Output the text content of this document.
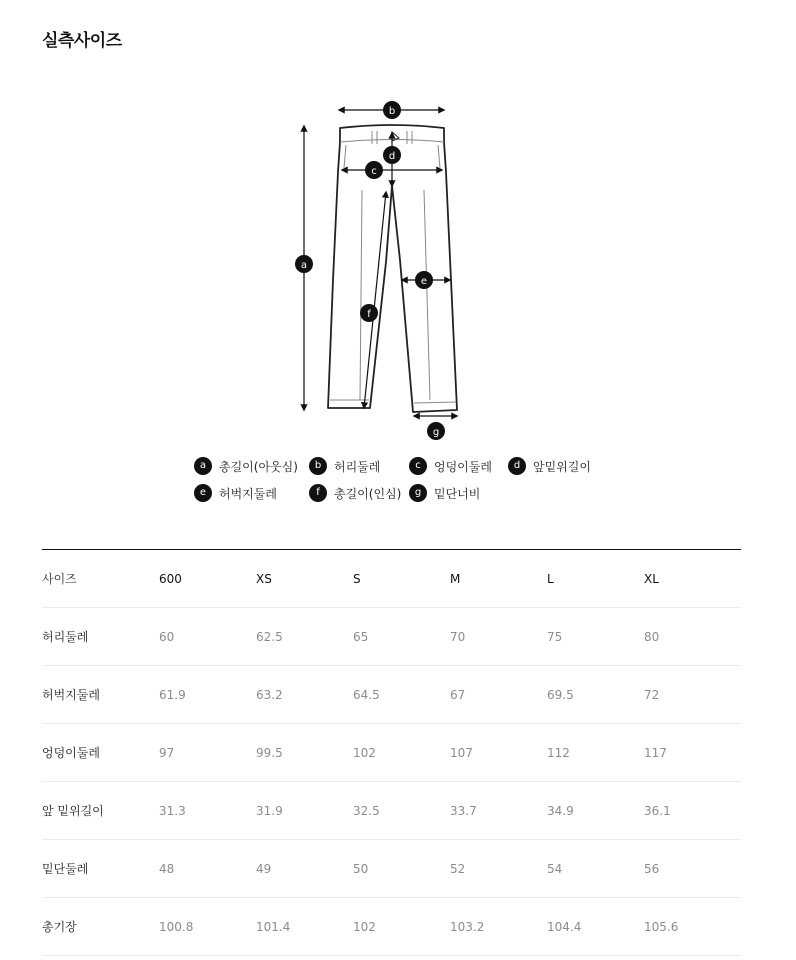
실측사이즈
a
b
c
d
e
f
g
a	총길이(아웃심)	b	허리둘레	c	엉덩이둘레	d	앞밑위길이
e	허벅지둘레	f	총길이(인심)	g	밑단너비
사이즈	600	XS	S	M	L	XL
허리둘레	60	62.5	65	70	75	80
허벅지둘레	61.9	63.2	64.5	67	69.5	72
엉덩이둘레	97	99.5	102	107	112	117
앞 밑위길이	31.3	31.9	32.5	33.7	34.9	36.1
밑단둘레	48	49	50	52	54	56
총기장	100.8	101.4	102	103.2	104.4	105.6
